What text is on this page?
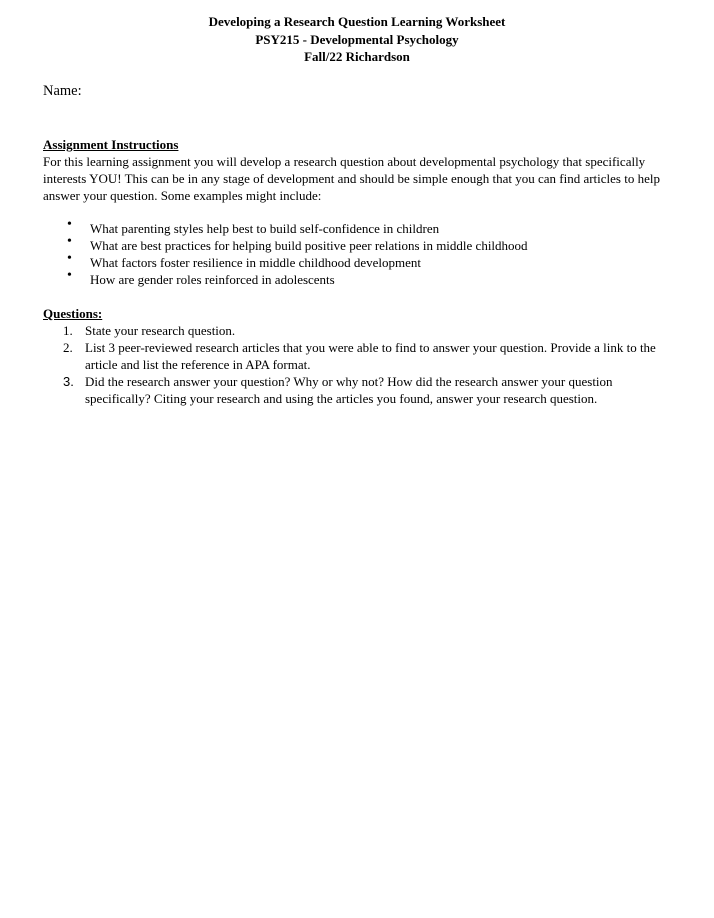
Developing a Research Question Learning Worksheet
PSY215 - Developmental Psychology
Fall/22 Richardson
Name:
Assignment Instructions
For this learning assignment you will develop a research question about developmental psychology that specifically interests YOU! This can be in any stage of development and should be simple enough that you can find articles to help answer your question. Some examples might include:
• What parenting styles help best to build self-confidence in children
• What are best practices for helping build positive peer relations in middle childhood
• What factors foster resilience in middle childhood development
• How are gender roles reinforced in adolescents
Questions:
1. State your research question.
2. List 3 peer-reviewed research articles that you were able to find to answer your question. Provide a link to the article and list the reference in APA format.
3. Did the research answer your question? Why or why not? How did the research answer your question specifically? Citing your research and using the articles you found, answer your research question.
